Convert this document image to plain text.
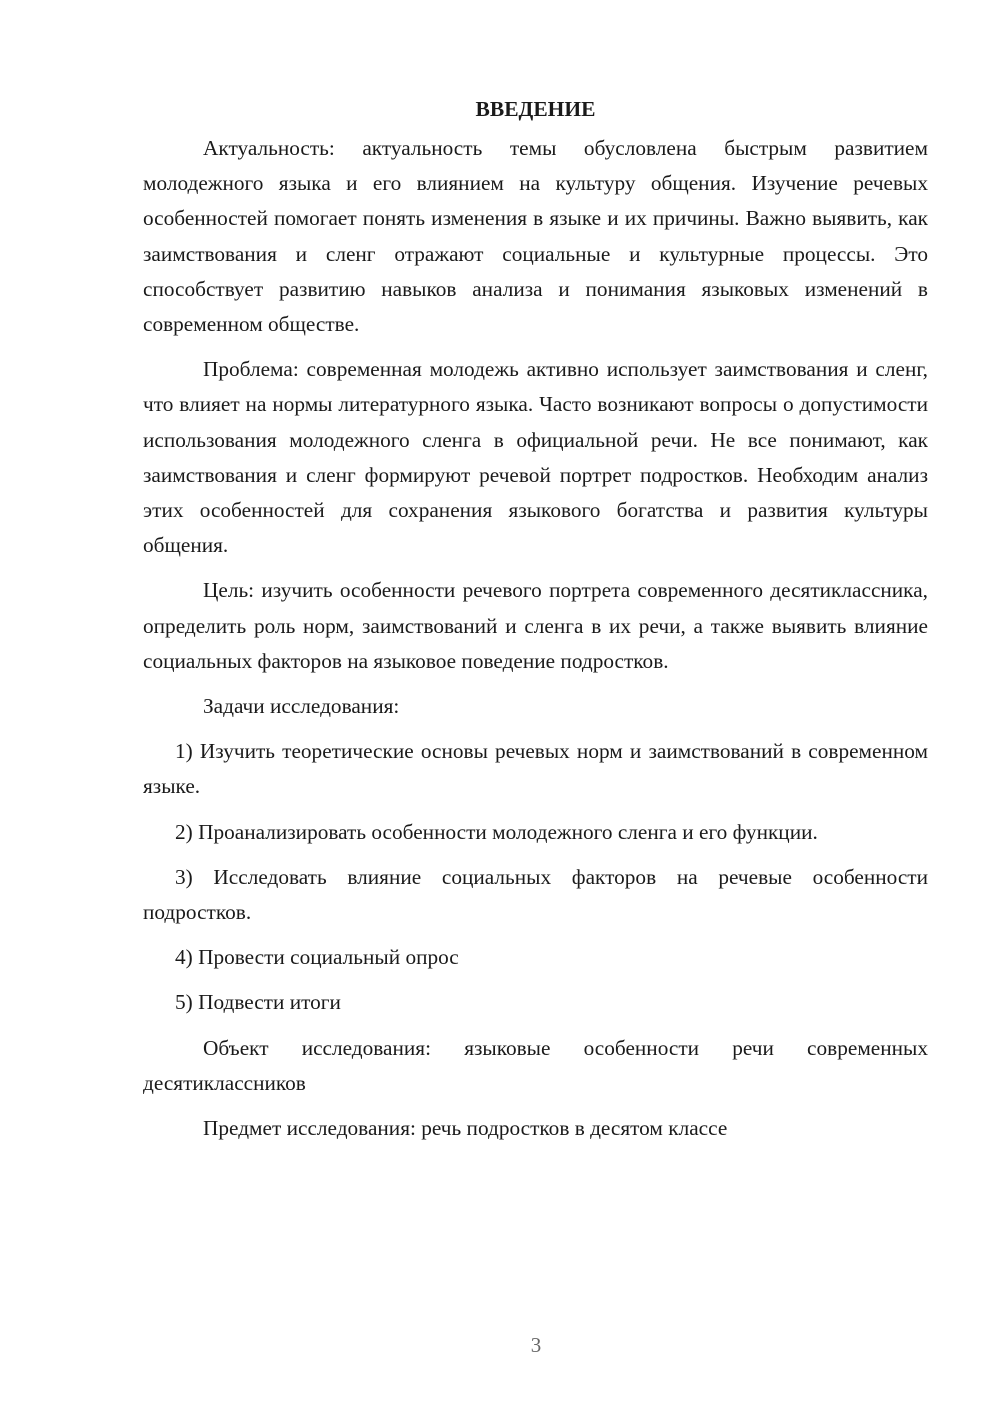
ВВЕДЕНИЕ

Актуальность: актуальность темы обусловлена быстрым развитием молодежного языка и его влиянием на культуру общения. Изучение речевых особенностей помогает понять изменения в языке и их причины. Важно выявить, как заимствования и сленг отражают социальные и культурные процессы. Это способствует развитию навыков анализа и понимания языковых изменений в современном обществе.

Проблема: современная молодежь активно использует заимствования и сленг, что влияет на нормы литературного языка. Часто возникают вопросы о допустимости использования молодежного сленга в официальной речи. Не все понимают, как заимствования и сленг формируют речевой портрет подростков. Необходим анализ этих особенностей для сохранения языкового богатства и развития культуры общения.

Цель: изучить особенности речевого портрета современного десятиклассника, определить роль норм, заимствований и сленга в их речи, а также выявить влияние социальных факторов на языковое поведение подростков.

Задачи исследования:

1) Изучить теоретические основы речевых норм и заимствований в современном языке.

2) Проанализировать особенности молодежного сленга и его функции.

3) Исследовать влияние социальных факторов на речевые особенности подростков.

4) Провести социальный опрос

5) Подвести итоги

Объект исследования: языковые особенности речи современных десятиклассников

Предмет исследования: речь подростков в десятом классе

3
